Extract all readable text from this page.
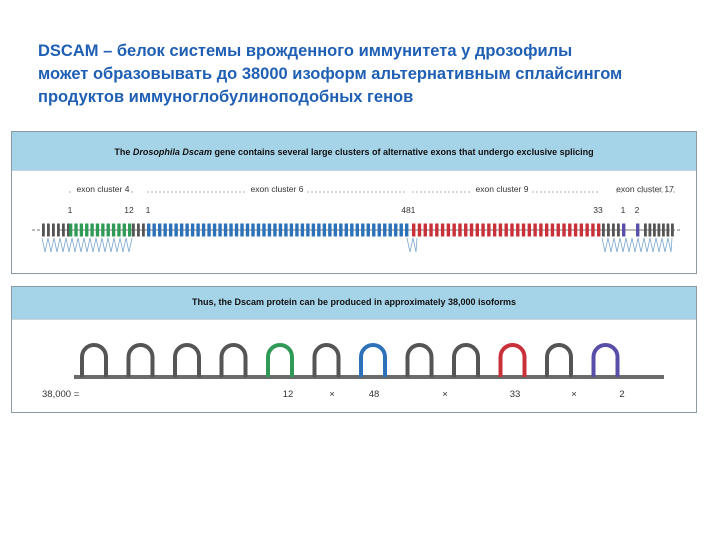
DSCAM – белок системы врожденного иммунитета у дрозофилы
может образовывать до 38000 изоформ альтернативным сплайсингом
продуктов иммуноглобулиноподобных генов
The Drosophila Dscam gene contains several large clusters of alternative exons that undergo exclusive splicing
exon cluster 4
1	12
exon cluster 6
1	48
exon cluster 9
1	33
exon cluster 17
1 2
Thus, the Dscam protein can be produced in approximately 38,000 isoforms
38,000 =	12	×	48	×	33	×	2
